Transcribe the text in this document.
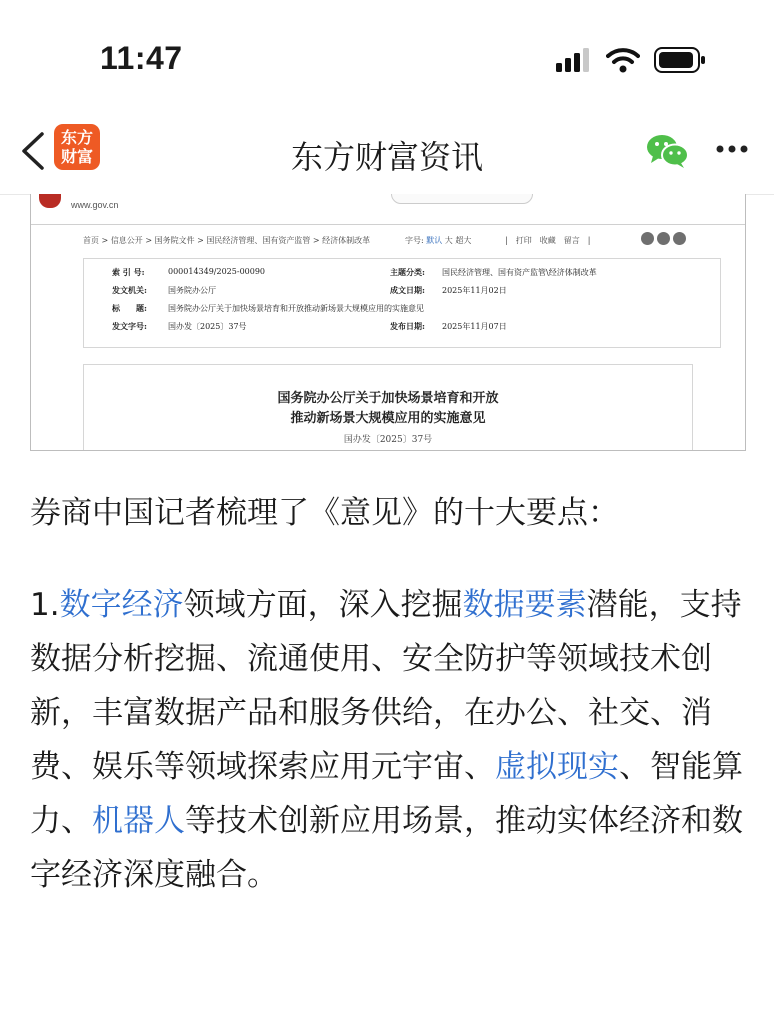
11:47
东方
财富	东方财富资讯
www.gov.cn
首页 > 信息公开 > 国务院文件 > 国民经济管理、国有资产监管 > 经济体制改革	字号: 默认 大 超大	|　打印　收藏　留言　|
索 引 号:	000014349/2025-00090	主题分类: 国民经济管理、国有资产监管\经济体制改革
发文机关:	国务院办公厅	成文日期: 2025年11月02日
标　　题:	国务院办公厅关于加快场景培育和开放推动新场景大规模应用的实施意见
发文字号:	国办发〔2025〕37号	发布日期: 2025年11月07日
国务院办公厅关于加快场景培育和开放
推动新场景大规模应用的实施意见
国办发〔2025〕37号
券商中国记者梳理了《意见》的十大要点：

1.数字经济领域方面，深入挖掘数据要素潜能，支持数据分析挖掘、流通使用、安全防护等领域技术创新，丰富数据产品和服务供给，在办公、社交、消费、娱乐等领域探索应用元宇宙、虚拟现实、智能算力、机器人等技术创新应用场景，推动实体经济和数字经济深度融合。
